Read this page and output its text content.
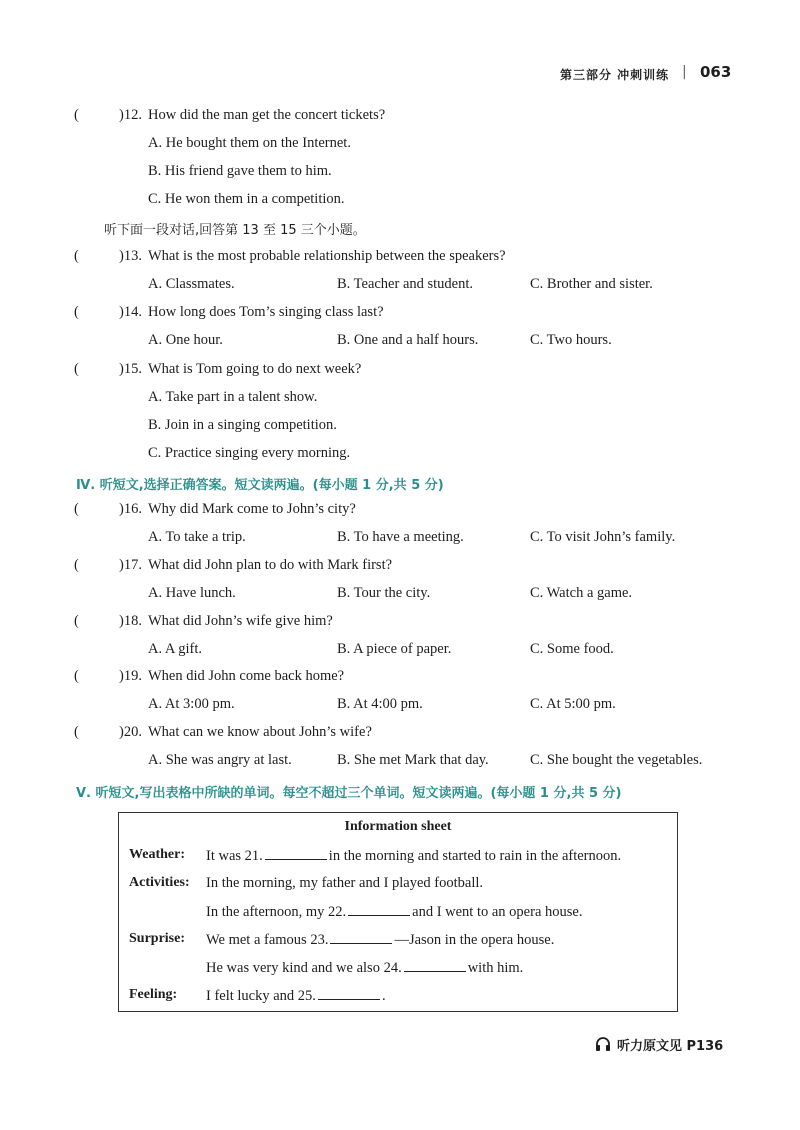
第三部分 冲刺训练 | 063
(	)12. How did the man get the concert tickets?
A. He bought them on the Internet.
B. His friend gave them to him.
C. He won them in a competition.
听下面一段对话,回答第 13 至 15 三个小题。
(	)13. What is the most probable relationship between the speakers?
A. Classmates.	B. Teacher and student.	C. Brother and sister.
(	)14. How long does Tom’s singing class last?
A. One hour.	B. One and a half hours.	C. Two hours.
(	)15. What is Tom going to do next week?
A. Take part in a talent show.
B. Join in a singing competition.
C. Practice singing every morning.
Ⅳ. 听短文,选择正确答案。短文读两遍。(每小题 1 分,共 5 分)
(	)16. Why did Mark come to John’s city?
A. To take a trip.	B. To have a meeting.	C. To visit John’s family.
(	)17. What did John plan to do with Mark first?
A. Have lunch.	B. Tour the city.	C. Watch a game.
(	)18. What did John’s wife give him?
A. A gift.	B. A piece of paper.	C. Some food.
(	)19. When did John come back home?
A. At 3:00 pm.	B. At 4:00 pm.	C. At 5:00 pm.
(	)20. What can we know about John’s wife?
A. She was angry at last.	B. She met Mark that day.	C. She bought the vegetables.
Ⅴ. 听短文,写出表格中所缺的单词。每空不超过三个单词。短文读两遍。(每小题 1 分,共 5 分)
Information sheet
Weather: It was 21.	in the morning and started to rain in the afternoon.
Activities: In the morning, my father and I played football.
In the afternoon, my 22.	and I went to an opera house.
Surprise: We met a famous 23.	—Jason in the opera house.
He was very kind and we also 24.	with him.
Feeling: I felt lucky and 25.	.
听力原文见 P136
